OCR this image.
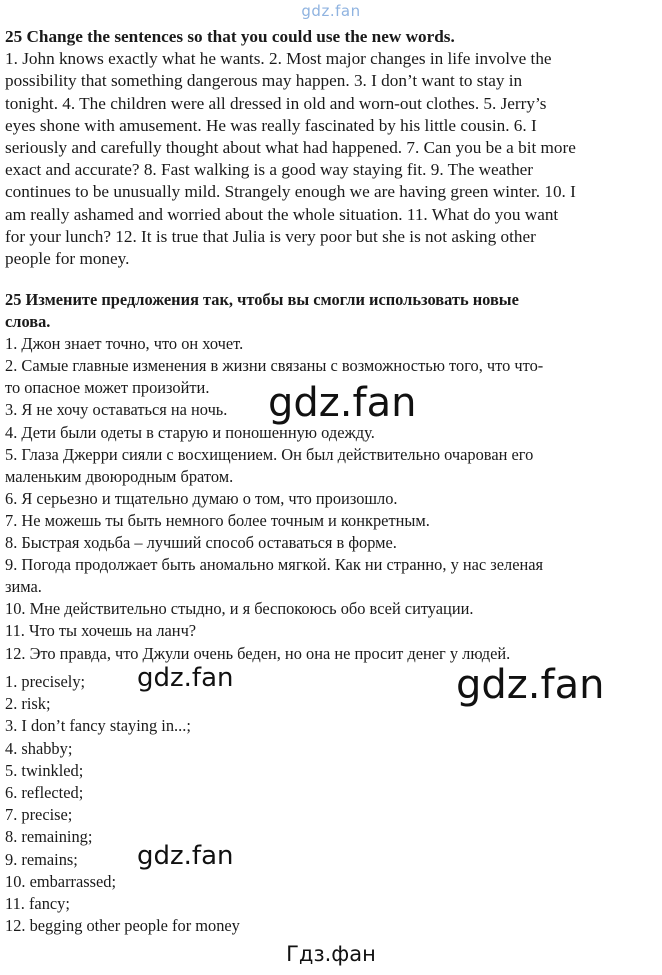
gdz.fan

25 Change the sentences so that you could use the new words.

1. John knows exactly what he wants. 2. Most major changes in life involve the
possibility that something dangerous may happen. 3. I don’t want to stay in
tonight. 4. The children were all dressed in old and worn-out clothes. 5. Jerry’s
eyes shone with amusement. He was really fascinated by his little cousin. 6. I
seriously and carefully thought about what had happened. 7. Can you be a bit more
exact and accurate? 8. Fast walking is a good way staying fit. 9. The weather
continues to be unusually mild. Strangely enough we are having green winter. 10. I
am really ashamed and worried about the whole situation. 11. What do you want
for your lunch? 12. It is true that Julia is very poor but she is not asking other
people for money.

25 Измените предложения так, чтобы вы смогли использовать новые
слова.

1. Джон знает точно, что он хочет.
2. Самые главные изменения в жизни связаны с возможностью того, что что-
то опасное может произойти.
3. Я не хочу оставаться на ночь.
4. Дети были одеты в старую и поношенную одежду.
5. Глаза Джерри сияли с восхищением. Он был действительно очарован его
маленьким двоюродным братом.
6. Я серьезно и тщательно думаю о том, что произошло.
7. Не можешь ты быть немного более точным и конкретным.
8. Быстрая ходьба – лучший способ оставаться в форме.
9. Погода продолжает быть аномально мягкой. Как ни странно, у нас зеленая
зима.
10. Мне действительно стыдно, и я беспокоюсь обо всей ситуации.
11. Что ты хочешь на ланч?
12. Это правда, что Джули очень беден, но она не просит денег у людей.

1. precisely;
2. risk;
3. I don’t fancy staying in...;
4. shabby;
5. twinkled;
6. reflected;
7. precise;
8. remaining;
9. remains;
10. embarrassed;
11. fancy;
12. begging other people for money
gdz.fan
gdz.fan
gdz.fan
gdz.fan
Гдз.фан
